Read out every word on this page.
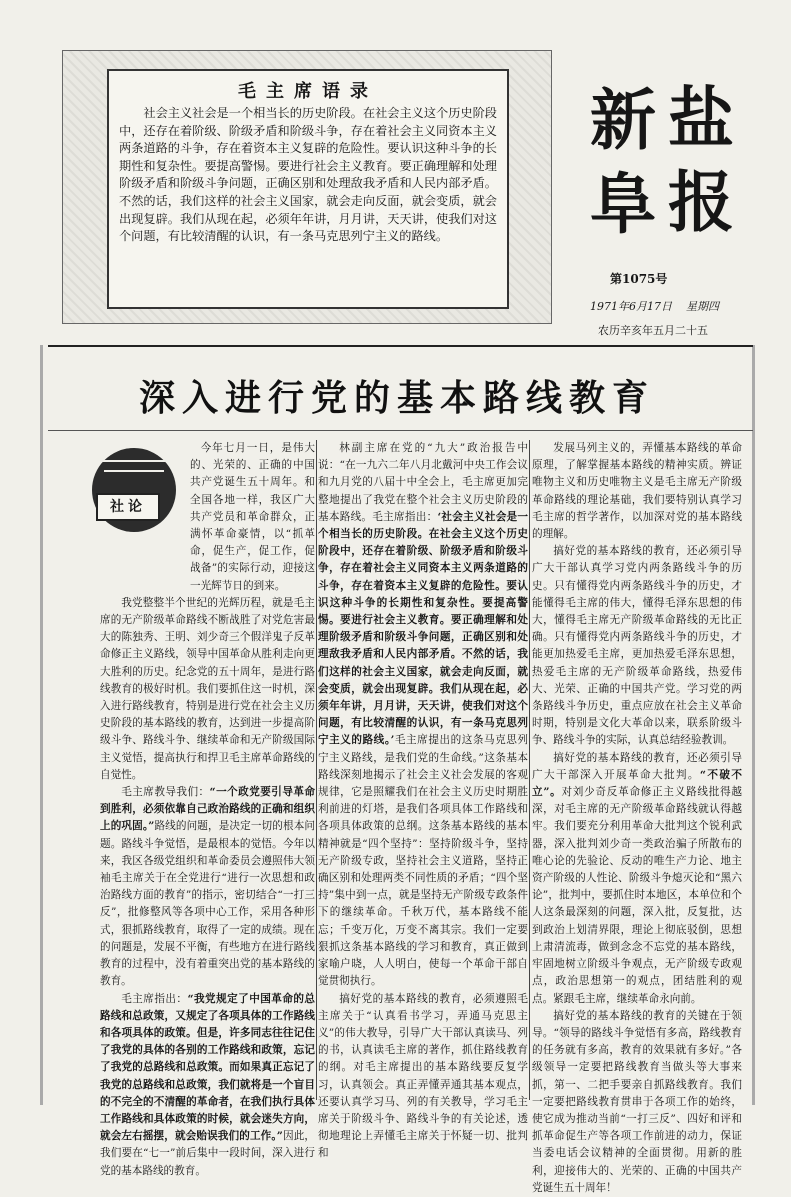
毛主席语录
社会主义社会是一个相当长的历史阶段。在社会主义这个历史阶段中，还存在着阶级、阶级矛盾和阶级斗争，存在着社会主义同资本主义两条道路的斗争，存在着资本主义复辟的危险性。要认识这种斗争的长期性和复杂性。要提高警惕。要进行社会主义教育。要正确理解和处理阶级矛盾和阶级斗争问题，正确区别和处理敌我矛盾和人民内部矛盾。不然的话，我们这样的社会主义国家，就会走向反面，就会变质，就会出现复辟。我们从现在起，必须年年讲，月月讲，天天讲，使我们对这个问题，有比较清醒的认识，有一条马克思列宁主义的路线。
新 盐
阜 报
第1075号
1971年6月17日 星期四
农历辛亥年五月二十五
深入进行党的基本路线教育
社论

今年七月一日，是伟大的、光荣的、正确的中国共产党诞生五十周年。和全国各地一样，我区广大共产党员和革命群众，正满怀革命豪情，以“抓革命，促生产，促工作，促战备”的实际行动，迎接这一光辉节日的到来。

我党整整半个世纪的光辉历程，就是毛主席的无产阶级革命路线不断战胜了对党危害最大的陈独秀、王明、刘少奇三个假洋鬼子反革命修正主义路线，领导中国革命从胜利走向更大胜利的历史。纪念党的五十周年，是进行路线教育的极好时机。我们要抓住这一时机，深入进行路线教育，特别是进行党在社会主义历史阶段的基本路线的教育，达到进一步提高阶级斗争、路线斗争、继续革命和无产阶级国际主义觉悟，提高执行和捍卫毛主席革命路线的自觉性。

毛主席教导我们：“一个政党要引导革命到胜利，必须依靠自己政治路线的正确和组织上的巩固。”路线的问题，是决定一切的根本问题。路线斗争觉悟，是最根本的觉悟。今年以来，我区各级党组织和革命委员会遵照伟大领袖毛主席关于在全党进行“进行一次思想和政治路线方面的教育”的指示，密切结合“一打三反”，批修整风等各项中心工作，采用各种形式，狠抓路线教育，取得了一定的成绩。现在的问题是，发展不平衡，有些地方在进行路线教育的过程中，没有着重突出党的基本路线的教育。

毛主席指出：“我党规定了中国革命的总路线和总政策，又规定了各项具体的工作路线和各项具体的政策。但是，许多同志往往记住了我党的具体的各别的工作路线和政策，忘记了我党的总路线和总政策。而如果真正忘记了我党的总路线和总政策，我们就将是一个盲目的不完全的不清醒的革命者，在我们执行具体工作路线和具体政策的时候，就会迷失方向，就会左右摇摆，就会贻误我们的工作。”因此，我们要在“七一”前后集中一段时间，深入进行党的基本路线的教育。

林副主席在党的“九大”政治报告中说：“在一九六二年八月北戴河中央工作会议和九月党的八届十中全会上，毛主席更加完整地提出了我党在整个社会主义历史阶段的基本路线。毛主席指出：‘社会主义社会是一个相当长的历史阶段。在社会主义这个历史阶段中，还存在着阶级、阶级矛盾和阶级斗争，存在着社会主义同资本主义两条道路的斗争，存在着资本主义复辟的危险性。要认识这种斗争的长期性和复杂性。要提高警惕。要进行社会主义教育。要正确理解和处理阶级矛盾和阶级斗争问题，正确区别和处理敌我矛盾和人民内部矛盾。不然的话，我们这样的社会主义国家，就会走向反面，就会变质，就会出现复辟。我们从现在起，必须年年讲，月月讲，天天讲，使我们对这个问题，有比较清醒的认识，有一条马克思列宁主义的路线。’毛主席提出的这条马克思列宁主义路线，是我们党的生命线。”这条基本路线深刻地揭示了社会主义社会发展的客观规律，它是照耀我们在社会主义历史时期胜利前进的灯塔，是我们各项具体工作路线和各项具体政策的总纲。这条基本路线的基本精神就是“四个坚持”：坚持阶级斗争，坚持无产阶级专政，坚持社会主义道路，坚持正确区别和处理两类不同性质的矛盾；“四个坚持”集中到一点，就是坚持无产阶级专政条件下的继续革命。千秋万代，基本路线不能忘；千变万化，万变不离其宗。我们一定要狠抓这条基本路线的学习和教育，真正做到家喻户晓，人人明白，使每一个革命干部自觉贯彻执行。

搞好党的基本路线的教育，必须遵照毛主席关于“认真看书学习，弄通马克思主义”的伟大教导，引导广大干部认真读马、列的书，认真读毛主席的著作，抓住路线教育的纲。对毛主席提出的基本路线要反复学习，认真领会。真正弄懂弄通其基本观点，还要认真学习马、列的有关教导，学习毛主席关于阶级斗争、路线斗争的有关论述，透彻地理论上弄懂毛主席关于怀疑一切、批判和

发展马列主义的，弄懂基本路线的革命原理，了解掌握基本路线的精神实质。辨证唯物主义和历史唯物主义是毛主席无产阶级革命路线的理论基础，我们要特别认真学习毛主席的哲学著作，以加深对党的基本路线的理解。

搞好党的基本路线的教育，还必须引导广大干部认真学习党内两条路线斗争的历史。只有懂得党内两条路线斗争的历史，才能懂得毛主席的伟大，懂得毛泽东思想的伟大，懂得毛主席无产阶级革命路线的无比正确。只有懂得党内两条路线斗争的历史，才能更加热爱毛主席，更加热爱毛泽东思想，热爱毛主席的无产阶级革命路线，热爱伟大、光荣、正确的中国共产党。学习党的两条路线斗争历史，重点应放在社会主义革命时期，特别是文化大革命以来，联系阶级斗争、路线斗争的实际，认真总结经验教训。

搞好党的基本路线的教育，还必须引导广大干部深入开展革命大批判。“不破不立”。对刘少奇反革命修正主义路线批得越深，对毛主席的无产阶级革命路线就认得越牢。我们要充分利用革命大批判这个锐利武器，深入批判刘少奇一类政治骗子所散布的唯心论的先验论、反动的唯生产力论、地主资产阶级的人性论、阶级斗争熄灭论和“黑六论”，批判中，要抓住时本地区，本单位和个人这条最深刻的问题，深入批，反复批，达到政治上划清界限，理论上彻底驳倒，思想上肃清流毒，做到念念不忘党的基本路线，牢固地树立阶级斗争观点，无产阶级专政观点，政治思想第一的观点，团结胜利的观点。紧跟毛主席，继续革命永向前。

搞好党的基本路线的教育的关键在于领导。“领导的路线斗争觉悟有多高，路线教育的任务就有多高，教育的效果就有多好。”各级领导一定要把路线教育当做头等大事来抓，第一、二把手要亲自抓路线教育。我们一定要把路线教育贯串于各项工作的始终，使它成为推动当前“一打三反”、四好和评和抓革命促生产等各项工作前进的动力，保证当委电话会议精神的全面贯彻。用新的胜利，迎接伟大的、光荣的、正确的中国共产党诞生五十周年！
